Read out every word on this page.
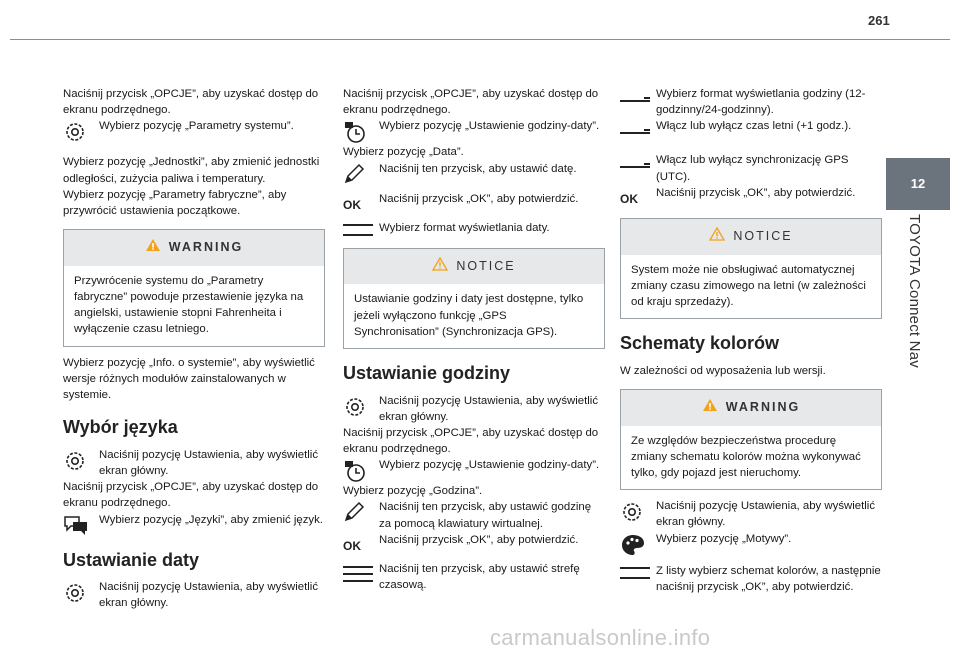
261
12
TOYOTA Connect Nav

Naciśnij przycisk „OPCJE”, aby uzyskać dostęp do ekranu podrzędnego.

Wybierz pozycję „Parametry systemu”.

Wybierz pozycję „Jednostki”, aby zmienić jednostki odległości, zużycia paliwa i temperatury.

Wybierz pozycję „Parametry fabryczne”, aby przywrócić ustawienia początkowe.

WARNING
Przywrócenie systemu do „Parametry fabryczne” powoduje przestawienie języka na angielski, ustawienie stopni Fahrenheita i wyłączenie czasu letniego.

Wybierz pozycję „Info. o systemie”, aby wyświetlić wersje różnych modułów zainstalowanych w systemie.

Wybór języka
Naciśnij pozycję Ustawienia, aby wyświetlić ekran główny.

Naciśnij przycisk „OPCJE”, aby uzyskać dostęp do ekranu podrzędnego.

Wybierz pozycję „Języki”, aby zmienić język.
Ustawianie daty
Naciśnij pozycję Ustawienia, aby wyświetlić ekran główny.

Naciśnij przycisk „OPCJE”, aby uzyskać dostęp do ekranu podrzędnego.

Wybierz pozycję „Ustawienie godziny-daty”.

Wybierz pozycję „Data”.

Naciśnij ten przycisk, aby ustawić datę.
OK	Naciśnij przycisk „OK”, aby potwierdzić.
Wybierz format wyświetlania daty.
NOTICE
Ustawianie godziny i daty jest dostępne, tylko jeżeli wyłączono funkcję „GPS Synchronisation” (Synchronizacja GPS).
Ustawianie godziny
Naciśnij pozycję Ustawienia, aby wyświetlić ekran główny.

Naciśnij przycisk „OPCJE”, aby uzyskać dostęp do ekranu podrzędnego.

Wybierz pozycję „Ustawienie godziny-daty”.

Wybierz pozycję „Godzina”.

Naciśnij ten przycisk, aby ustawić godzinę za pomocą klawiatury wirtualnej.
OK	Naciśnij przycisk „OK”, aby potwierdzić.
Naciśnij ten przycisk, aby ustawić strefę czasową.
Wybierz format wyświetlania godziny (12-godzinny/24-godzinny).
Włącz lub wyłącz czas letni (+1 godz.).
Włącz lub wyłącz synchronizację GPS (UTC).
OK	Naciśnij przycisk „OK”, aby potwierdzić.
NOTICE
System może nie obsługiwać automatycznej zmiany czasu zimowego na letni (w zależności od kraju sprzedaży).
Schematy kolorów

W zależności od wyposażenia lub wersji.

WARNING
Ze względów bezpieczeństwa procedurę zmiany schematu kolorów można wykonywać tylko, gdy pojazd jest nieruchomy.
Naciśnij pozycję Ustawienia, aby wyświetlić ekran główny.
Wybierz pozycję „Motywy”.
Z listy wybierz schemat kolorów, a następnie naciśnij przycisk „OK”, aby potwierdzić.
carmanualsonline.info
